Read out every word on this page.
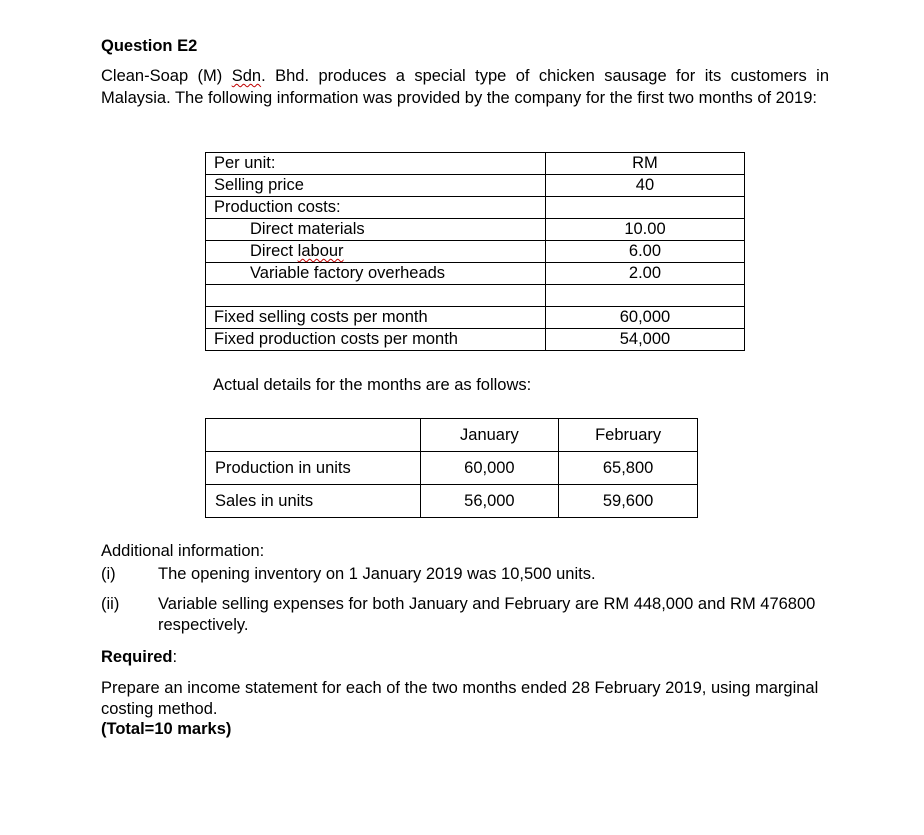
Question E2
Clean-Soap (M) Sdn. Bhd. produces a special type of chicken sausage for its customers in Malaysia. The following information was provided by the company for the first two months of 2019:
Per unit:	RM
Selling price	40
Production costs:	
Direct materials	10.00
Direct labour	6.00
Variable factory overheads	2.00

Fixed selling costs per month	60,000
Fixed production costs per month	54,000
Actual details for the months are as follows:
	January	February
Production in units	60,000	65,800
Sales in units	56,000	59,600
Additional information:
(i)	The opening inventory on 1 January 2019 was 10,500 units.
(ii) Variable selling expenses for both January and February are RM 448,000 and RM 476800 respectively.
Required:
Prepare an income statement for each of the two months ended 28 February 2019, using marginal costing method.
(Total=10 marks)
